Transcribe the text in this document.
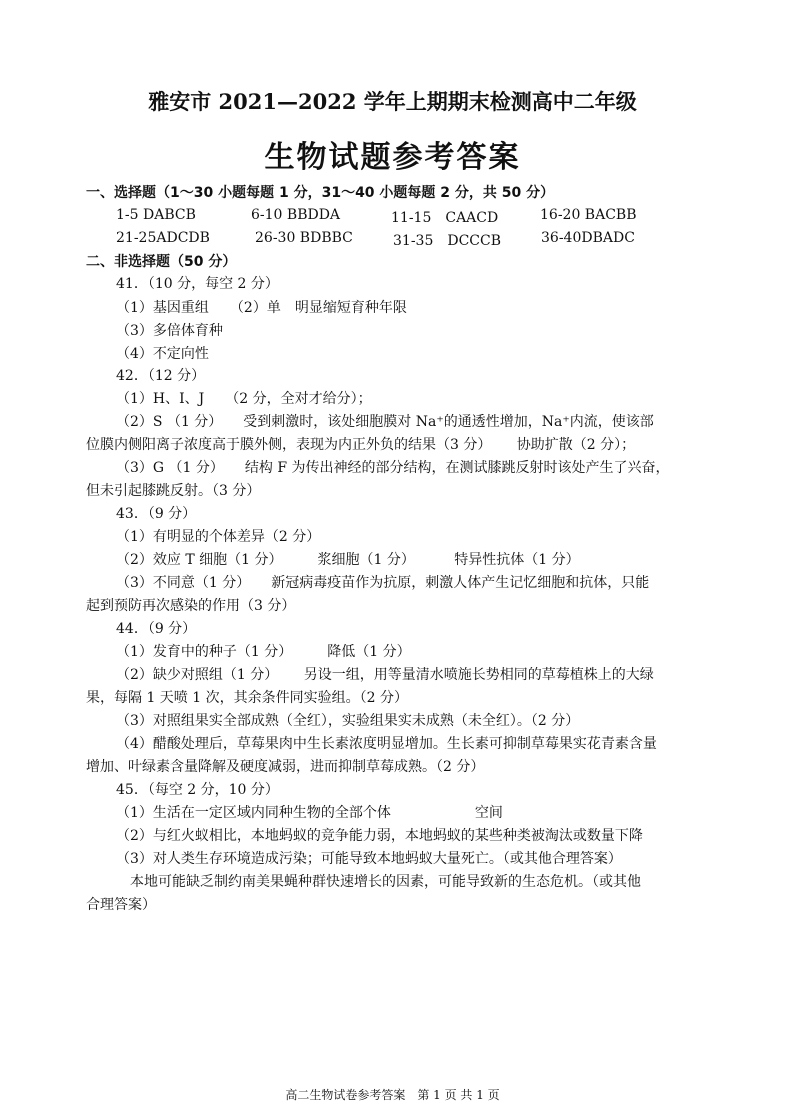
雅安市 2021—2022 学年上期期末检测高中二年级
生物试题参考答案
一、选择题（1～30 小题每题 1 分，31～40 小题每题 2 分，共 50 分）
1-5 DABCB	6-10 BBDDA	11-15　CAACD	16-20 BACBB
21-25ADCDB	26-30 BDBBC	31-35　DCCCB	36-40DBADC
二、非选择题（50 分）
41．（10 分，每空 2 分）
（1）基因重组　　（2）单　明显缩短育种年限
（3）多倍体育种
（4）不定向性
42．（12 分）
（1）H、I、J　　（2 分，全对才给分）；
（2）S （1 分）　　受到刺激时，该处细胞膜对 Na⁺的通透性增加，Na⁺内流，使该部
位膜内侧阳离子浓度高于膜外侧，表现为内正外负的结果（3 分）　　 协助扩散（2 分）；
（3）G （1 分）　　结构 F 为传出神经的部分结构，在测试膝跳反射时该处产生了兴奋，
但未引起膝跳反射。（3 分）
43．（9 分）
（1）有明显的个体差异（2 分）
（2）效应 T 细胞（1 分）　　　浆细胞（1 分）　　　 特异性抗体（1 分）
（3）不同意（1 分）　　新冠病毒疫苗作为抗原，刺激人体产生记忆细胞和抗体，只能
起到预防再次感染的作用（3 分）
44．（9 分）
（1）发育中的种子（1 分）　　　降低（1 分）
（2）缺少对照组（1 分）　　 另设一组，用等量清水喷施长势相同的草莓植株上的大绿
果，每隔 1 天喷 1 次，其余条件同实验组。（2 分）
（3）对照组果实全部成熟（全红），实验组果实未成熟（未全红）。（2 分）
（4）醋酸处理后，草莓果肉中生长素浓度明显增加。生长素可抑制草莓果实花青素含量
增加、叶绿素含量降解及硬度减弱，进而抑制草莓成熟。（2 分）
45．（每空 2 分，10 分）
（1）生活在一定区域内同种生物的全部个体　　　　　　空间
（2）与红火蚁相比，本地蚂蚁的竞争能力弱，本地蚂蚁的某些种类被淘汰或数量下降
（3）对人类生存环境造成污染；可能导致本地蚂蚁大量死亡。（或其他合理答案）
　本地可能缺乏制约南美果蝇种群快速增长的因素，可能导致新的生态危机。（或其他
合理答案）
高二生物试卷参考答案　第 1 页 共 1 页
